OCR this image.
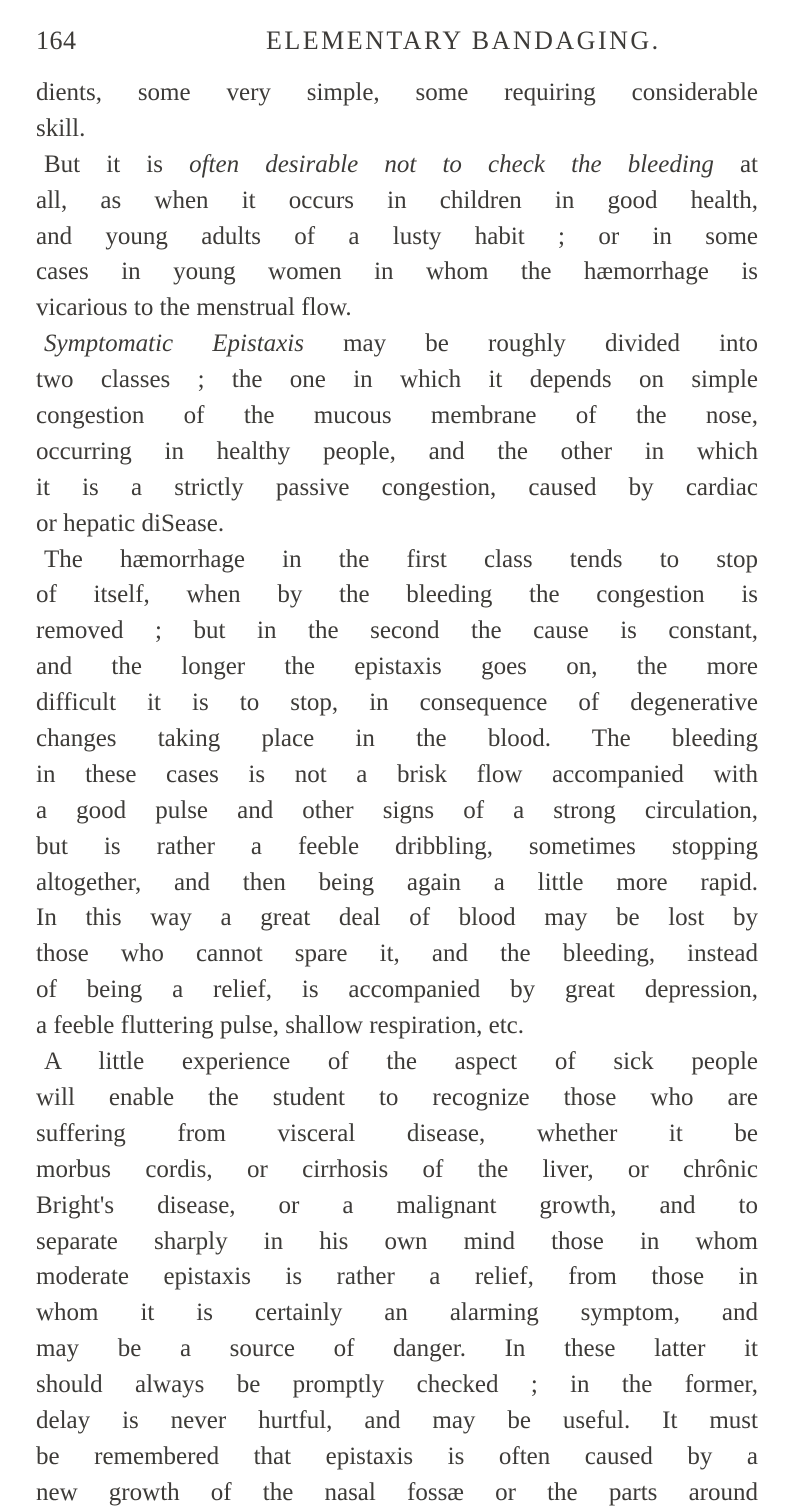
164	ELEMENTARY BANDAGING.
dients, some very simple, some requiring considerable
skill.
But it is often desirable not to check the bleeding at
all, as when it occurs in children in good health,
and young adults of a lusty habit ; or in some
cases in young women in whom the hæmorrhage is
vicarious to the menstrual flow.
Symptomatic Epistaxis may be roughly divided into
two classes ; the one in which it depends on simple
congestion of the mucous membrane of the nose,
occurring in healthy people, and the other in which
it is a strictly passive congestion, caused by cardiac
or hepatic diSease.
The hæmorrhage in the first class tends to stop
of itself, when by the bleeding the congestion is
removed ; but in the second the cause is constant,
and the longer the epistaxis goes on, the more
difficult it is to stop, in consequence of degenerative
changes taking place in the blood. The bleeding
in these cases is not a brisk flow accompanied with
a good pulse and other signs of a strong circulation,
but is rather a feeble dribbling, sometimes stopping
altogether, and then being again a little more rapid.
In this way a great deal of blood may be lost by
those who cannot spare it, and the bleeding, instead
of being a relief, is accompanied by great depression,
a feeble fluttering pulse, shallow respiration, etc.
A little experience of the aspect of sick people
will enable the student to recognize those who are
suffering from visceral disease, whether it be
morbus cordis, or cirrhosis of the liver, or chrônic
Bright's disease, or a malignant growth, and to
separate sharply in his own mind those in whom
moderate epistaxis is rather a relief, from those in
whom it is certainly an alarming symptom, and
may be a source of danger. In these latter it
should always be promptly checked ; in the former,
delay is never hurtful, and may be useful. It must
be remembered that epistaxis is often caused by a
new growth of the nasal fossæ or the parts around
